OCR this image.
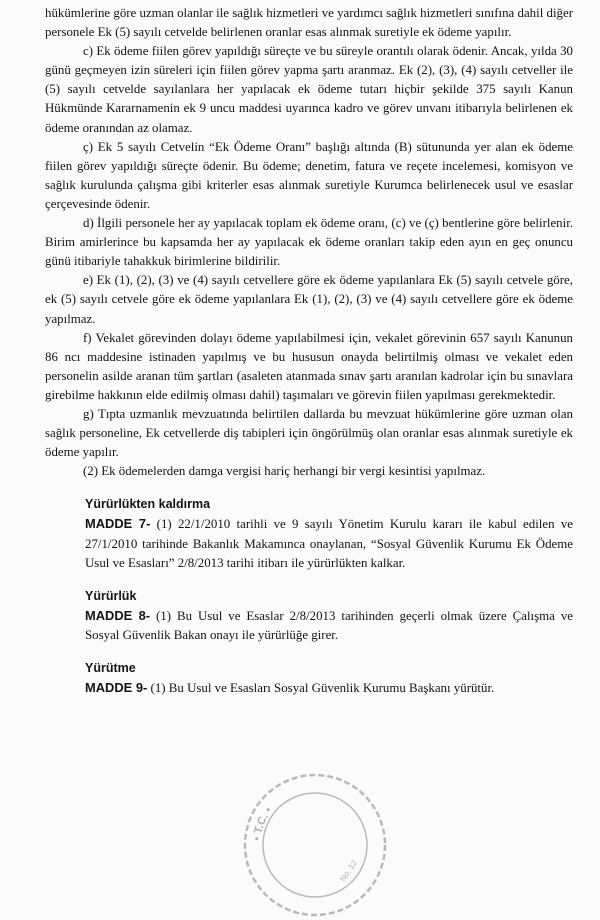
hükümlerine göre uzman olanlar ile sağlık hizmetleri ve yardımcı sağlık hizmetleri sınıfına dahil diğer personele Ek (5) sayılı cetvelde belirlenen oranlar esas alınmak suretiyle ek ödeme yapılır.

c) Ek ödeme fiilen görev yapıldığı süreçte ve bu süreyle orantılı olarak ödenir. Ancak, yılda 30 günü geçmeyen izin süreleri için fiilen görev yapma şartı aranmaz. Ek (2), (3), (4) sayılı cetveller ile (5) sayılı cetvelde sayılanlara her yapılacak ek ödeme tutarı hiçbir şekilde 375 sayılı Kanun Hükmünde Kararnamenin ek 9 uncu maddesi uyarınca kadro ve görev unvanı itibarıyla belirlenen ek ödeme oranından az olamaz.

ç) Ek 5 sayılı Cetvelin “Ek Ödeme Oranı” başlığı altında (B) sütununda yer alan ek ödeme fiilen görev yapıldığı süreçte ödenir. Bu ödeme; denetim, fatura ve reçete incelemesi, komisyon ve sağlık kurulunda çalışma gibi kriterler esas alınmak suretiyle Kurumca belirlenecek usul ve esaslar çerçevesinde ödenir.

d) İlgili personele her ay yapılacak toplam ek ödeme oranı, (c) ve (ç) bentlerine göre belirlenir. Birim amirlerince bu kapsamda her ay yapılacak ek ödeme oranları takip eden ayın en geç onuncu günü itibariyle tahakkuk birimlerine bildirilir.

e) Ek (1), (2), (3) ve (4) sayılı cetvellere göre ek ödeme yapılanlara Ek (5) sayılı cetvele göre, ek (5) sayılı cetvele göre ek ödeme yapılanlara Ek (1), (2), (3) ve (4) sayılı cetvellere göre ek ödeme yapılmaz.

f) Vekalet görevinden dolayı ödeme yapılabilmesi için, vekalet görevinin 657 sayılı Kanunun 86 ncı maddesine istinaden yapılmış ve bu hususun onayda belirtilmiş olması ve vekalet eden personelin asilde aranan tüm şartları (asaleten atanmada sınav şartı aranılan kadrolar için bu sınavlara girebilme hakkının elde edilmiş olması dahil) taşımaları ve görevin fiilen yapılması gerekmektedir.

g) Tıpta uzmanlık mevzuatında belirtilen dallarda bu mevzuat hükümlerine göre uzman olan sağlık personeline, Ek cetvellerde diş tabipleri için öngörülmüş olan oranlar esas alınmak suretiyle ek ödeme yapılır.

(2) Ek ödemelerden damga vergisi hariç herhangi bir vergi kesintisi yapılmaz.

Yürürlükten kaldırma

MADDE 7- (1) 22/1/2010 tarihli ve 9 sayılı Yönetim Kurulu kararı ile kabul edilen ve 27/1/2010 tarihinde Bakanlık Makamınca onaylanan, “Sosyal Güvenlik Kurumu Ek Ödeme Usul ve Esasları” 2/8/2013 tarihi itibarı ile yürürlükten kalkar.

Yürürlük

MADDE 8- (1) Bu Usul ve Esaslar 2/8/2013 tarihinden geçerli olmak üzere Çalışma ve Sosyal Güvenlik Bakan onayı ile yürürlüğe girer.

Yürütme

MADDE 9- (1) Bu Usul ve Esasları Sosyal Güvenlik Kurumu Başkanı yürütür.

• T.C. •
No. 12
